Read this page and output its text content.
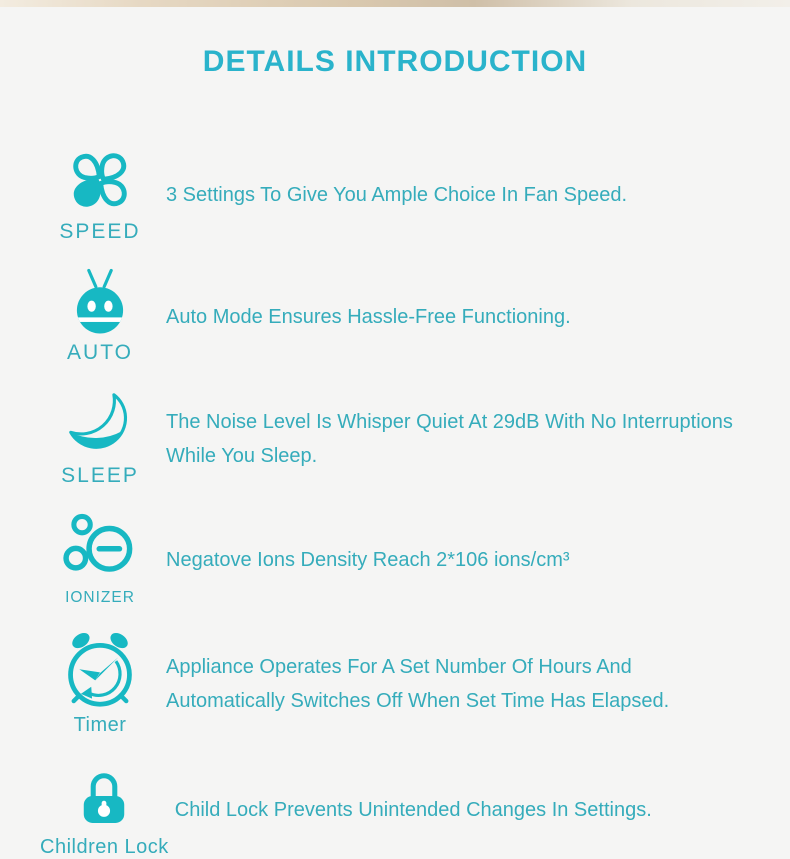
DETAILS INTRODUCTION
SPEED
3 Settings To Give You Ample Choice In Fan Speed.
AUTO
Auto Mode Ensures Hassle-Free Functioning.
SLEEP
The Noise Level Is Whisper Quiet At 29dB With No Interruptions
While You Sleep.
IONIZER
Negatove Ions Density Reach 2*106 ions/cm³
Timer
Appliance Operates For A Set Number Of Hours And
Automatically Switches Off When Set Time Has Elapsed.
Children Lock
Child Lock Prevents Unintended Changes In Settings.
